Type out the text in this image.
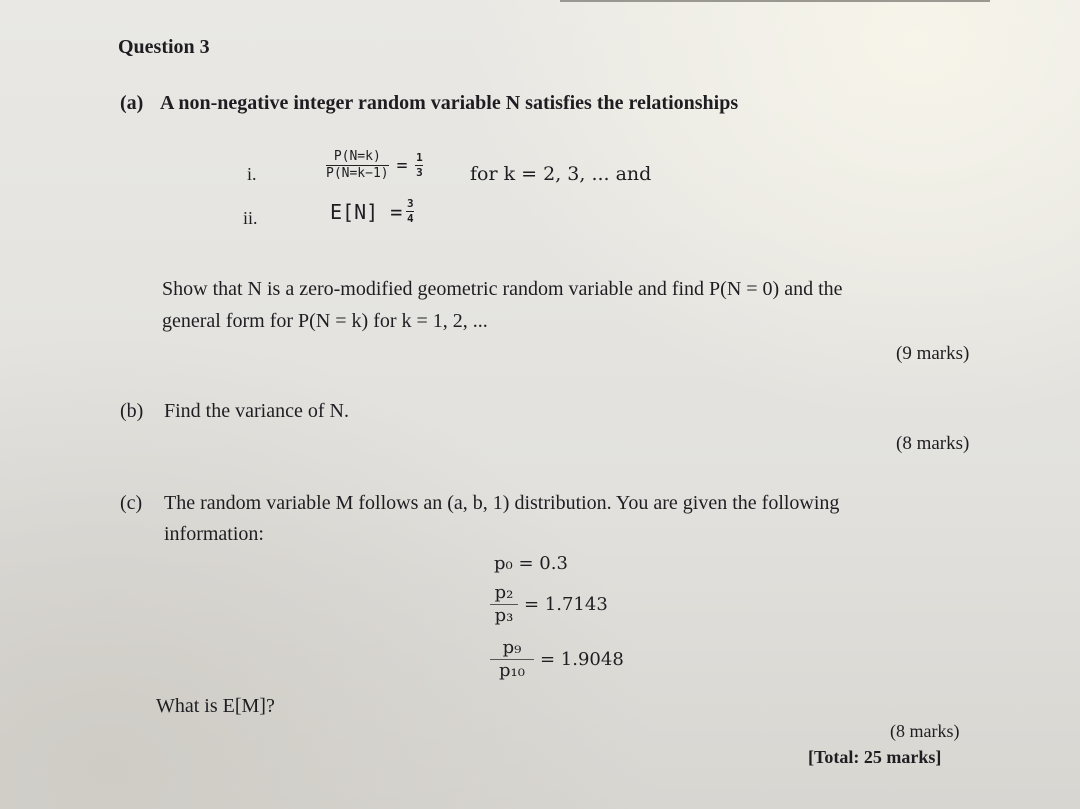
Question 3
(a) A non-negative integer random variable N satisfies the relationships
i.	$\frac{P(N=k)}{P(N=k-1)} = \frac{1}{3}$ for k = 2, 3, ... and
ii.	$E[N] = \frac{3}{4}$
Show that N is a zero-modified geometric random variable and find P(N = 0) and the
general form for P(N = k) for k = 1, 2, ...
(9 marks)
(b) Find the variance of N.
(8 marks)
(c) The random variable M follows an (a, b, 1) distribution. You are given the following
information:
p₀ = 0.3
$\frac{\text{p₂}}{\text{p₃}} = 1.7143$
$\frac{\text{p₉}}{\text{p₁₀}} = 1.9048$
What is E[M]?
(8 marks)
[Total: 25 marks]
